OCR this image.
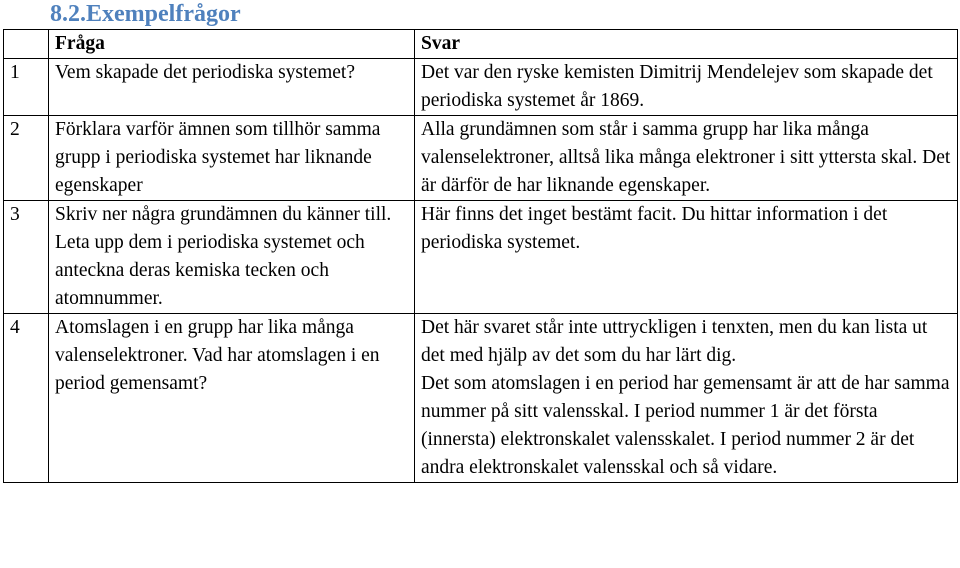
8.2.Exempelfrågor
	Fråga	Svar
1	Vem skapade det periodiska systemet?	Det var den ryske kemisten Dimitrij Mendelejev som skapade det periodiska systemet år 1869.

2	Förklara varför ämnen som tillhör samma grupp i periodiska systemet har liknande egenskaper	Alla grundämnen som står i samma grupp har lika många valenselektroner, alltså lika många elektroner i sitt yttersta skal. Det är därför de har liknande egenskaper.

3	Skriv ner några grundämnen du känner till. Leta upp dem i periodiska systemet och anteckna deras kemiska tecken och atomnummer.	Här finns det inget bestämt facit. Du hittar information i det periodiska systemet.

4	Atomslagen i en grupp har lika många valenselektroner. Vad har atomslagen i en period gemensamt?	Det här svaret står inte uttryckligen i tenxten, men du kan lista ut det med hjälp av det som du har lärt dig.
Det som atomslagen i en period har gemensamt är att de har samma nummer på sitt valensskal. I period nummer 1 är det första (innersta) elektronskalet valensskalet. I period nummer 2 är det andra elektronskalet valensskal och så vidare.
